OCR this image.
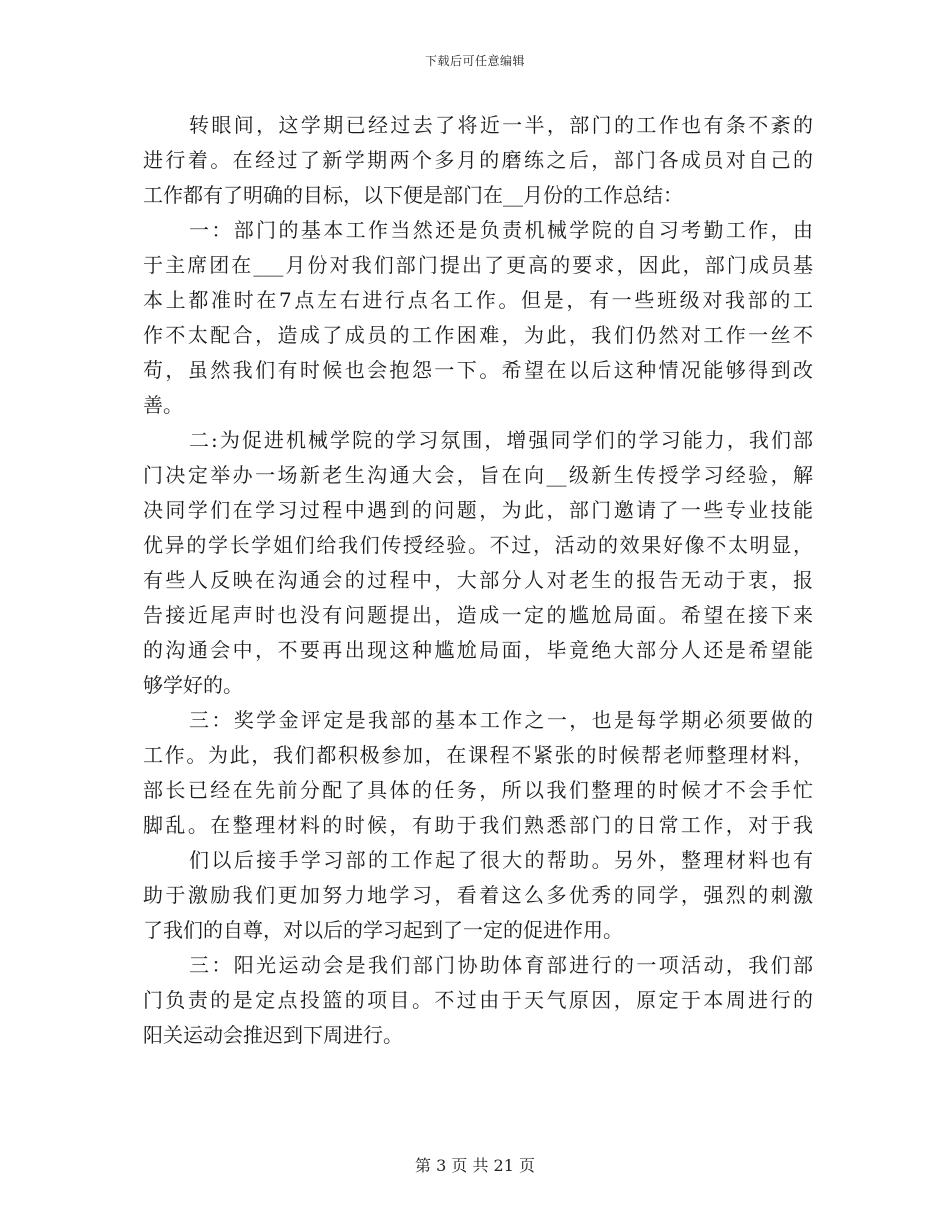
下载后可任意编辑
转眼间，这学期已经过去了将近一半，部门的工作也有条不紊的
进行着。在经过了新学期两个多月的磨练之后，部门各成员对自己的
工作都有了明确的目标，以下便是部门在__月份的工作总结：
一：部门的基本工作当然还是负责机械学院的自习考勤工作，由
于主席团在___月份对我们部门提出了更高的要求，因此，部门成员基
本上都准时在7点左右进行点名工作。但是，有一些班级对我部的工
作不太配合，造成了成员的工作困难，为此，我们仍然对工作一丝不
苟，虽然我们有时候也会抱怨一下。希望在以后这种情况能够得到改
善。
二:为促进机械学院的学习氛围，增强同学们的学习能力，我们部
门决定举办一场新老生沟通大会，旨在向__级新生传授学习经验，解
决同学们在学习过程中遇到的问题，为此，部门邀请了一些专业技能
优异的学长学姐们给我们传授经验。不过，活动的效果好像不太明显，
有些人反映在沟通会的过程中，大部分人对老生的报告无动于衷，报
告接近尾声时也没有问题提出，造成一定的尴尬局面。希望在接下来
的沟通会中，不要再出现这种尴尬局面，毕竟绝大部分人还是希望能
够学好的。
三：奖学金评定是我部的基本工作之一，也是每学期必须要做的
工作。为此，我们都积极参加，在课程不紧张的时候帮老师整理材料，
部长已经在先前分配了具体的任务，所以我们整理的时候才不会手忙
脚乱。在整理材料的时候，有助于我们熟悉部门的日常工作，对于我
们以后接手学习部的工作起了很大的帮助。另外，整理材料也有
助于激励我们更加努力地学习，看着这么多优秀的同学，强烈的刺激
了我们的自尊，对以后的学习起到了一定的促进作用。
三：阳光运动会是我们部门协助体育部进行的一项活动，我们部
门负责的是定点投篮的项目。不过由于天气原因，原定于本周进行的
阳关运动会推迟到下周进行。
第 3 页 共 21 页
